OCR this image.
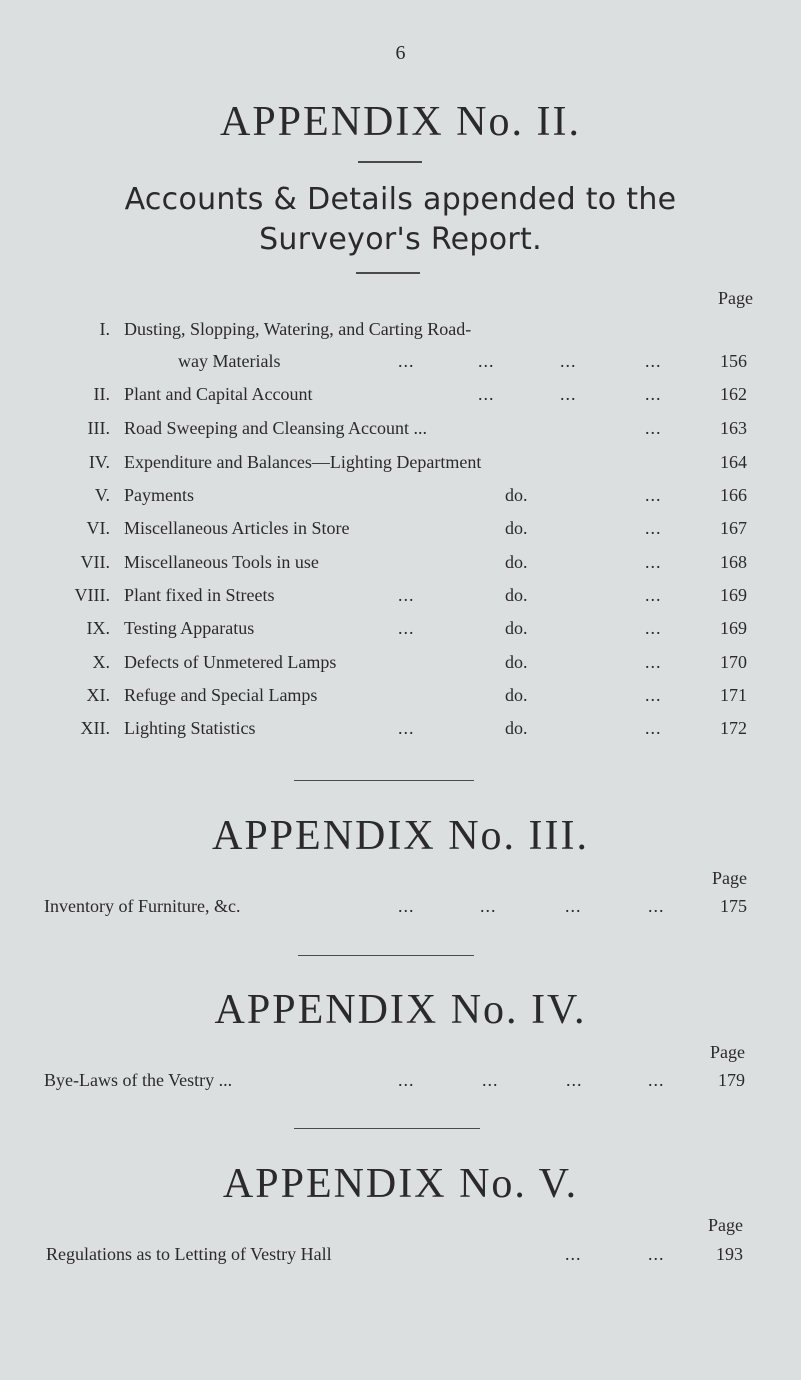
6
APPENDIX No. II.
Accounts & Details appended to the
Surveyor's Report.
Page
I. Dusting, Slopping, Watering, and Carting Road-
way Materials	...	...	...	...	156
II. Plant and Capital Account	...	...	...	162
III. Road Sweeping and Cleansing Account ...	...	163
IV. Expenditure and Balances—Lighting Department	164
V. Payments	do.	...	166
VI. Miscellaneous Articles in Store	do.	...	167
VII. Miscellaneous Tools in use	do.	...	168
VIII. Plant fixed in Streets	...	do.	...	169
IX. Testing Apparatus	...	do.	...	169
X. Defects of Unmetered Lamps	do.	...	170
XI. Refuge and Special Lamps	do.	...	171
XII. Lighting Statistics	...	do.	...	172
APPENDIX No. III.
Page
Inventory of Furniture, &c.	...	...	...	...	175
APPENDIX No. IV.
Page
Bye-Laws of the Vestry ...	...	...	...	...	179
APPENDIX No. V.
Page
Regulations as to Letting of Vestry Hall	...	...	193
